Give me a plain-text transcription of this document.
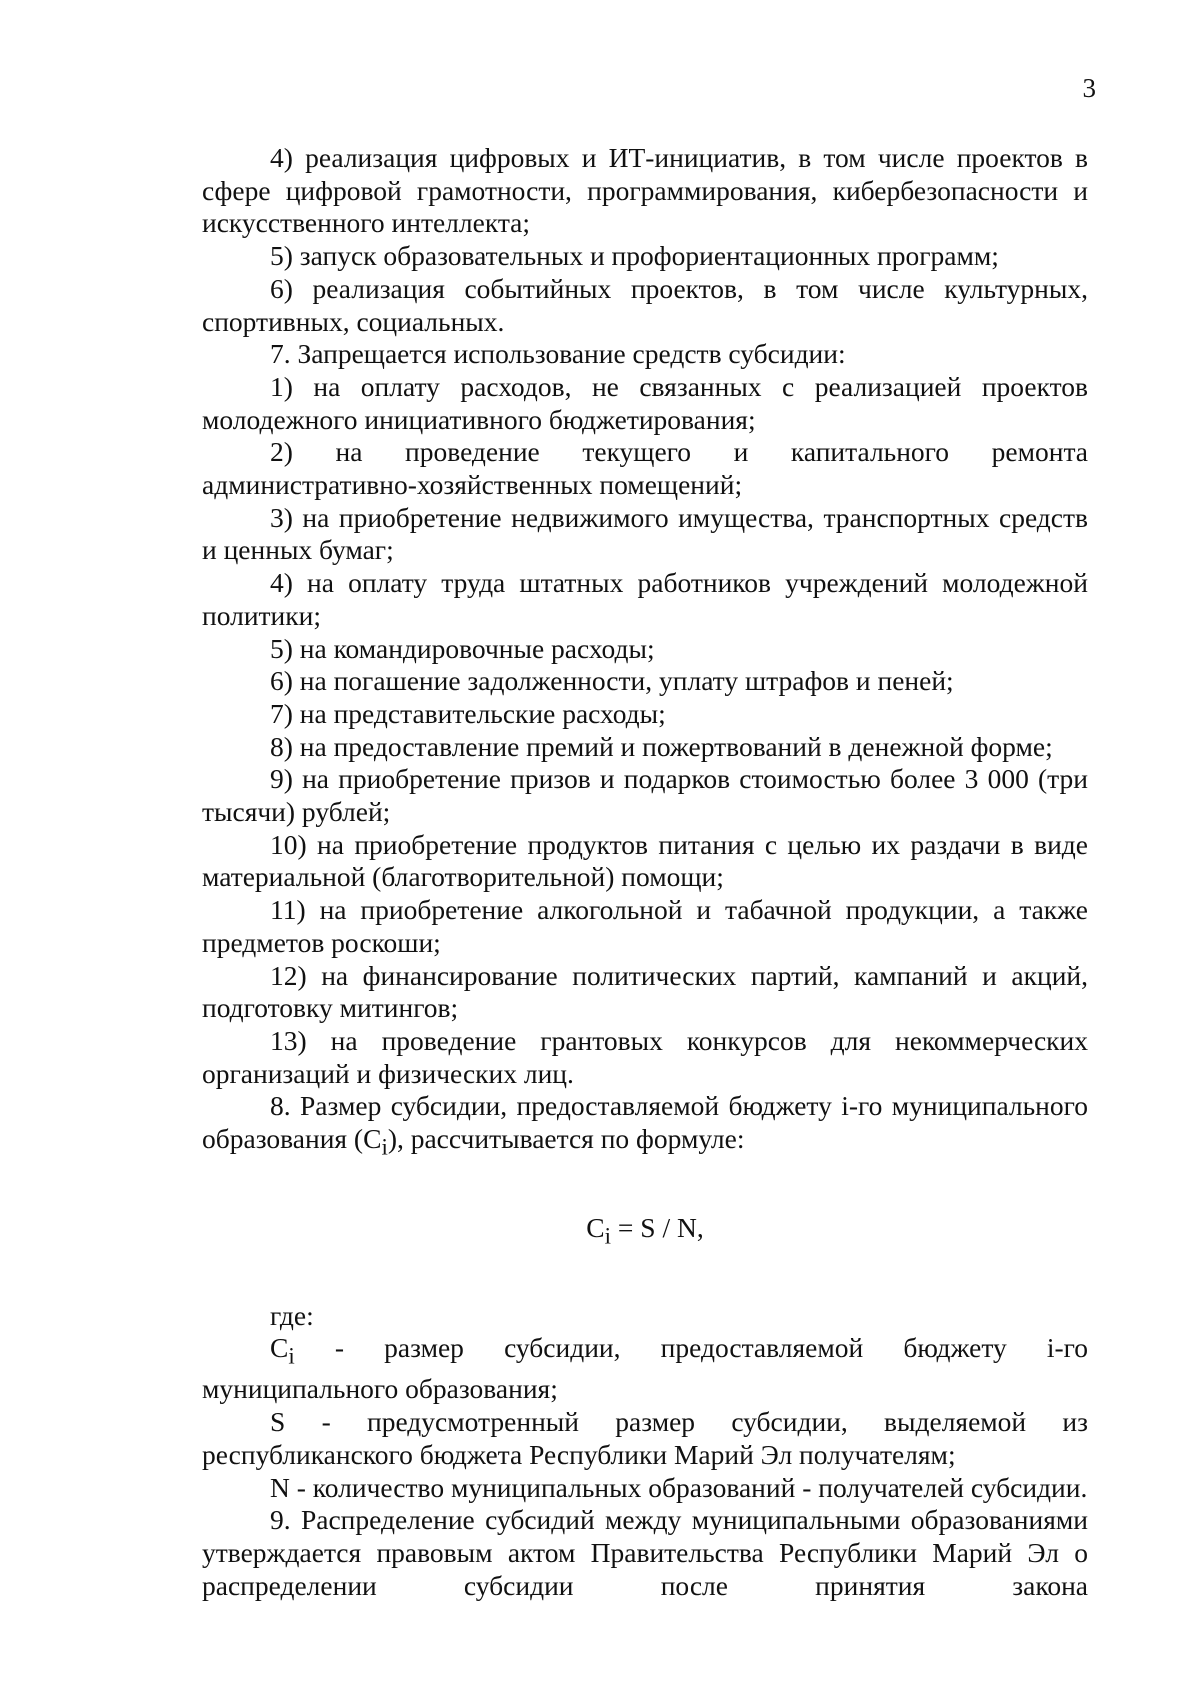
3

4) реализация цифровых и ИТ-инициатив, в том числе проектов в сфере цифровой грамотности, программирования, кибербезопасности и искусственного интеллекта;

5) запуск образовательных и профориентационных программ;

6) реализация событийных проектов, в том числе культурных, спортивных, социальных.

7. Запрещается использование средств субсидии:

1) на оплату расходов, не связанных с реализацией проектов молодежного инициативного бюджетирования;

2) на проведение текущего и капитального ремонта административно-хозяйственных помещений;

3) на приобретение недвижимого имущества, транспортных средств и ценных бумаг;

4) на оплату труда штатных работников учреждений молодежной политики;

5) на командировочные расходы;

6) на погашение задолженности, уплату штрафов и пеней;

7) на представительские расходы;

8) на предоставление премий и пожертвований в денежной форме;

9) на приобретение призов и подарков стоимостью более 3 000 (три тысячи) рублей;

10) на приобретение продуктов питания с целью их раздачи в виде материальной (благотворительной) помощи;

11) на приобретение алкогольной и табачной продукции, а также предметов роскоши;

12) на финансирование политических партий, кампаний и акций, подготовку митингов;

13) на проведение грантовых конкурсов для некоммерческих организаций и физических лиц.

8. Размер субсидии, предоставляемой бюджету i-го муниципального образования $(C_i)$, рассчитывается по формуле:

$C_i = S / N$,

где:

$C_i$ - размер субсидии, предоставляемой бюджету i-го муниципального образования;

S - предусмотренный размер субсидии, выделяемой из республиканского бюджета Республики Марий Эл получателям;

N - количество муниципальных образований - получателей субсидии.

9. Распределение субсидий между муниципальными образованиями утверждается правовым актом Правительства Республики Марий Эл о распределении субсидии после принятия закона
